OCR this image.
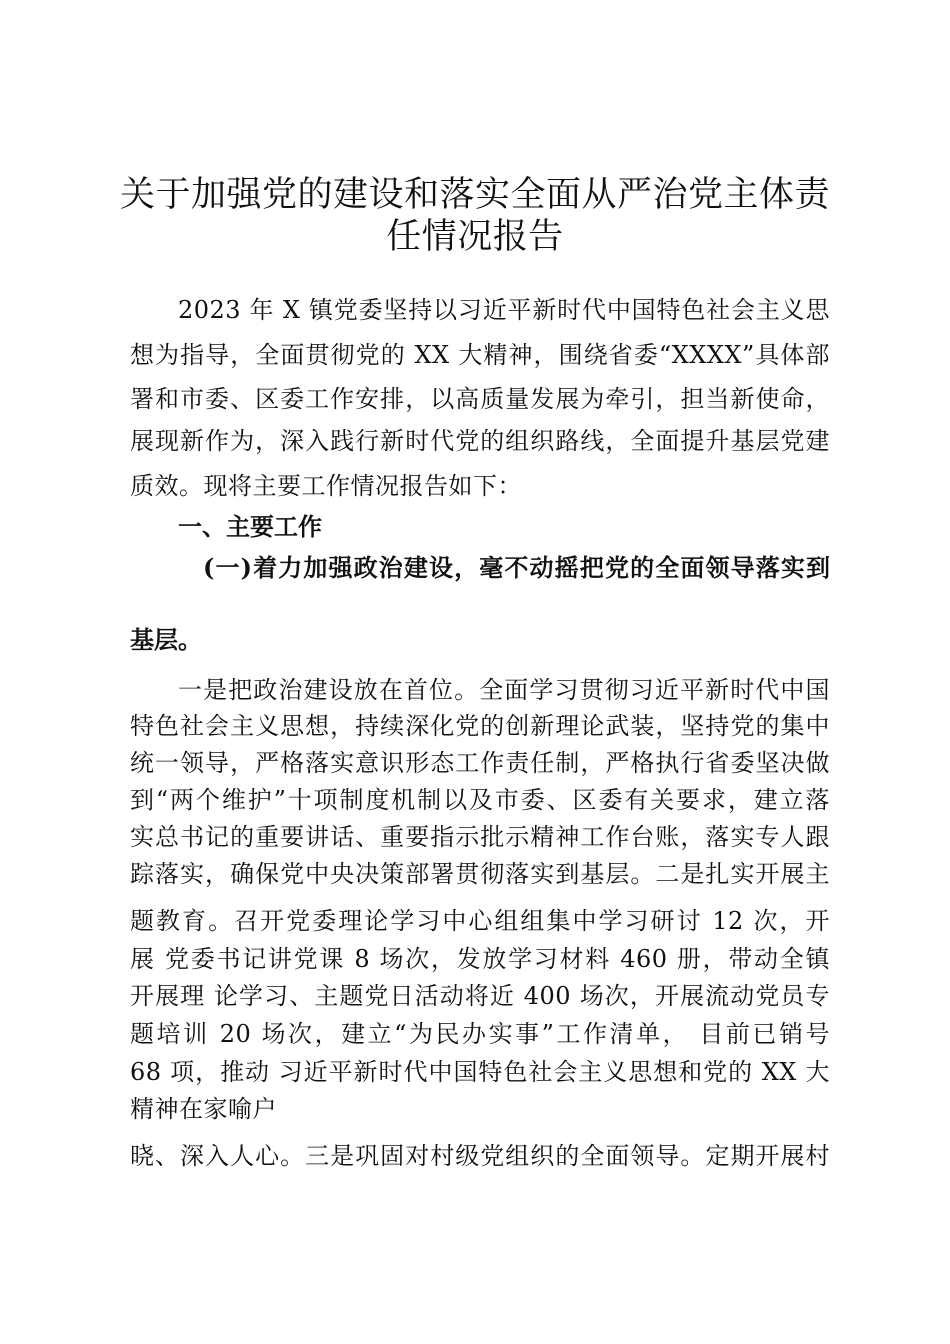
关于加强党的建设和落实全面从严治党主体责
任情况报告
2023 年 X 镇党委坚持以习近平新时代中国特色社会主义思
想为指导，全面贯彻党的 XX 大精神，围绕省委“XXXX”具体部
署和市委、区委工作安排，以高质量发展为牵引，担当新使命，
展现新作为，深入践行新时代党的组织路线，全面提升基层党建
质效。现将主要工作情况报告如下：
一、主要工作
(一)着力加强政治建设，毫不动摇把党的全面领导落实到
基层。
一是把政治建设放在首位。全面学习贯彻习近平新时代中国
特色社会主义思想，持续深化党的创新理论武装，坚持党的集中
统一领导，严格落实意识形态工作责任制，严格执行省委坚决做
到“两个维护”十项制度机制以及市委、区委有关要求，建立落
实总书记的重要讲话、重要指示批示精神工作台账，落实专人跟
踪落实，确保党中央决策部署贯彻落实到基层。二是扎实开展主
题教育。召开党委理论学习中心组组集中学习研讨 12 次，开
展 党委书记讲党课 8 场次，发放学习材料 460 册，带动全镇
开展理 论学习、主题党日活动将近 400 场次，开展流动党员专
题培训 20 场次，建立“为民办实事”工作清单， 目前已销号
68 项，推动 习近平新时代中国特色社会主义思想和党的 XX 大
精神在家喻户
晓、深入人心。三是巩固对村级党组织的全面领导。定期开展村
